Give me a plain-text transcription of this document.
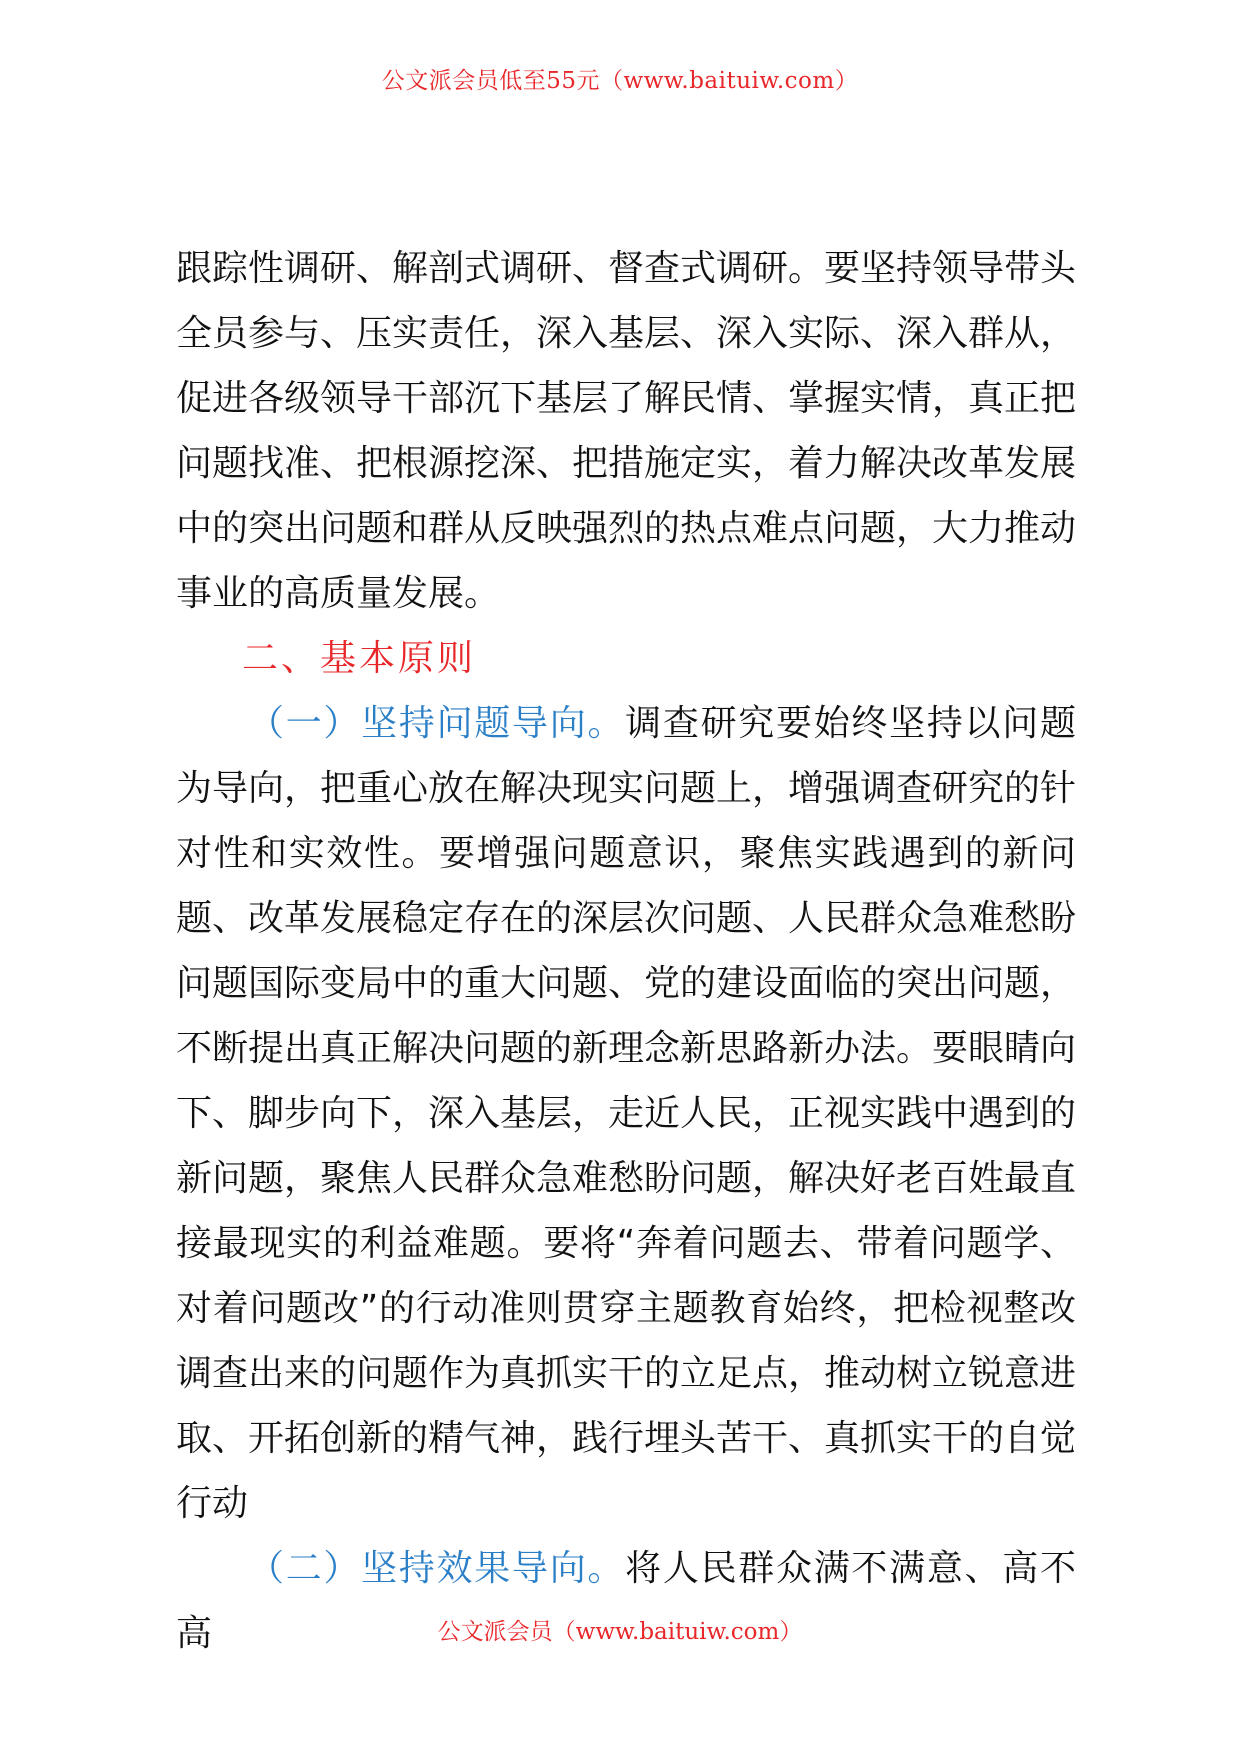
公文派会员低至55元（www.baituiw.com）

跟踪性调研、解剖式调研、督查式调研。要坚持领导带头全员参与、压实责任，深入基层、深入实际、深入群从，促进各级领导干部沉下基层了解民情、掌握实情，真正把问题找准、把根源挖深、把措施定实，着力解决改革发展中的突出问题和群从反映强烈的热点难点问题，大力推动事业的高质量发展。

二、基本原则

（一）坚持问题导向。调查研究要始终坚持以问题为导向，把重心放在解决现实问题上，增强调查研究的针对性和实效性。要增强问题意识，聚焦实践遇到的新问题、改革发展稳定存在的深层次问题、人民群众急难愁盼问题国际变局中的重大问题、党的建设面临的突出问题，不断提出真正解决问题的新理念新思路新办法。要眼睛向下、脚步向下，深入基层，走近人民，正视实践中遇到的新问题，聚焦人民群众急难愁盼问题，解决好老百姓最直接最现实的利益难题。要将“奔着问题去、带着问题学、对着问题改”的行动准则贯穿主题教育始终，把检视整改调查出来的问题作为真抓实干的立足点，推动树立锐意进取、开拓创新的精气神，践行埋头苦干、真抓实干的自觉行动

（二）坚持效果导向。将人民群众满不满意、高不高	公文派会员（www.baituiw.com）
